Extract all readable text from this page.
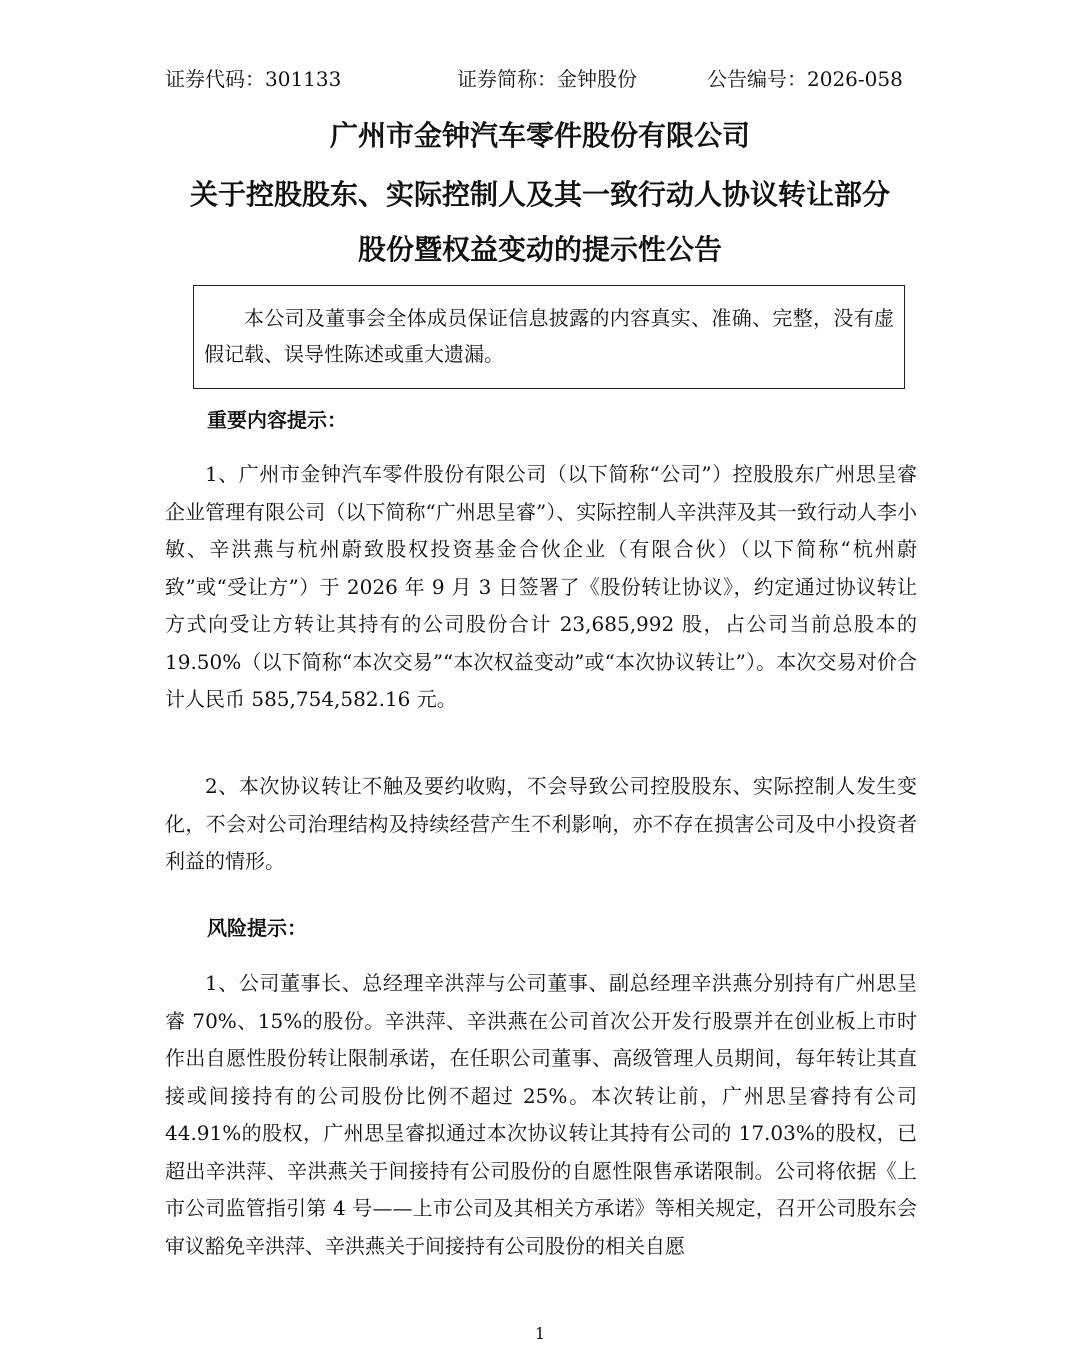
证券代码：301133	证券简称：金钟股份	公告编号：2026-058
广州市金钟汽车零件股份有限公司
关于控股股东、实际控制人及其一致行动人协议转让部分
股份暨权益变动的提示性公告
本公司及董事会全体成员保证信息披露的内容真实、准确、完整，没有虚假记载、误导性陈述或重大遗漏。
重要内容提示：
1、广州市金钟汽车零件股份有限公司（以下简称“公司”）控股股东广州思呈睿企业管理有限公司（以下简称“广州思呈睿”）、实际控制人辛洪萍及其一致行动人李小敏、辛洪燕与杭州蔚致股权投资基金合伙企业（有限合伙）（以下简称“杭州蔚致”或“受让方”）于 2026 年 9 月 3 日签署了《股份转让协议》，约定通过协议转让方式向受让方转让其持有的公司股份合计 23,685,992 股，占公司当前总股本的 19.50%（以下简称“本次交易”“本次权益变动”或“本次协议转让”）。本次交易对价合计人民币 585,754,582.16 元。
2、本次协议转让不触及要约收购，不会导致公司控股股东、实际控制人发生变化，不会对公司治理结构及持续经营产生不利影响，亦不存在损害公司及中小投资者利益的情形。
风险提示：
1、公司董事长、总经理辛洪萍与公司董事、副总经理辛洪燕分别持有广州思呈睿 70%、15%的股份。辛洪萍、辛洪燕在公司首次公开发行股票并在创业板上市时作出自愿性股份转让限制承诺，在任职公司董事、高级管理人员期间，每年转让其直接或间接持有的公司股份比例不超过 25%。本次转让前，广州思呈睿持有公司 44.91%的股权，广州思呈睿拟通过本次协议转让其持有公司的 17.03%的股权，已超出辛洪萍、辛洪燕关于间接持有公司股份的自愿性限售承诺限制。公司将依据《上市公司监管指引第 4 号——上市公司及其相关方承诺》等相关规定，召开公司股东会审议豁免辛洪萍、辛洪燕关于间接持有公司股份的相关自愿
1
